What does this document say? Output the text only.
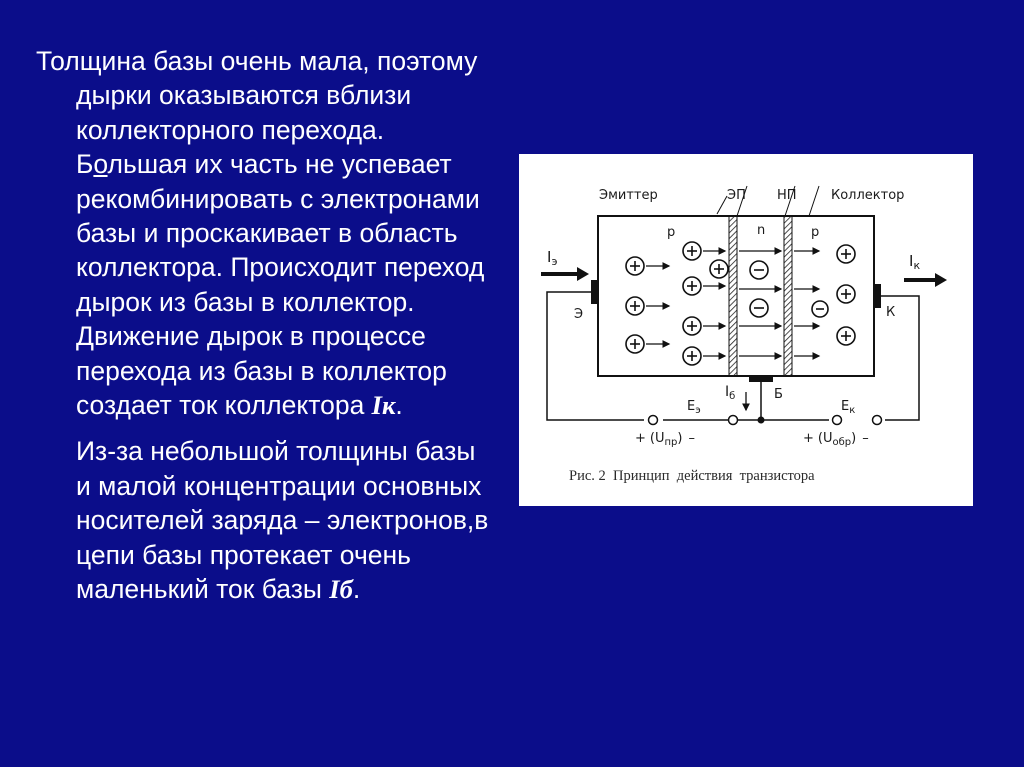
Толщина базы очень мала, поэтому дырки оказываются вблизи коллекторного перехода. Большая их часть не успевает рекомбинировать с электронами базы и проскакивает в область коллектора. Происходит переход дырок из базы в коллектор. Движение дырок в процессе перехода из базы в коллектор создает ток коллектора Iк.

Из-за небольшой толщины базы и малой концентрации основных носителей заряда – электронов,в цепи базы протекает очень маленький ток базы Iб.

Эмиттер	ЭП НП	Коллектор
р	n	р
$I_э$	$I_к$
Э	К
Б
$I_б$
$E_э$	$E_к$
+ $(U_{пр})$ –	+ $(U_{обр})$ –
Рис. 2  Принцип  действия  транзистора
